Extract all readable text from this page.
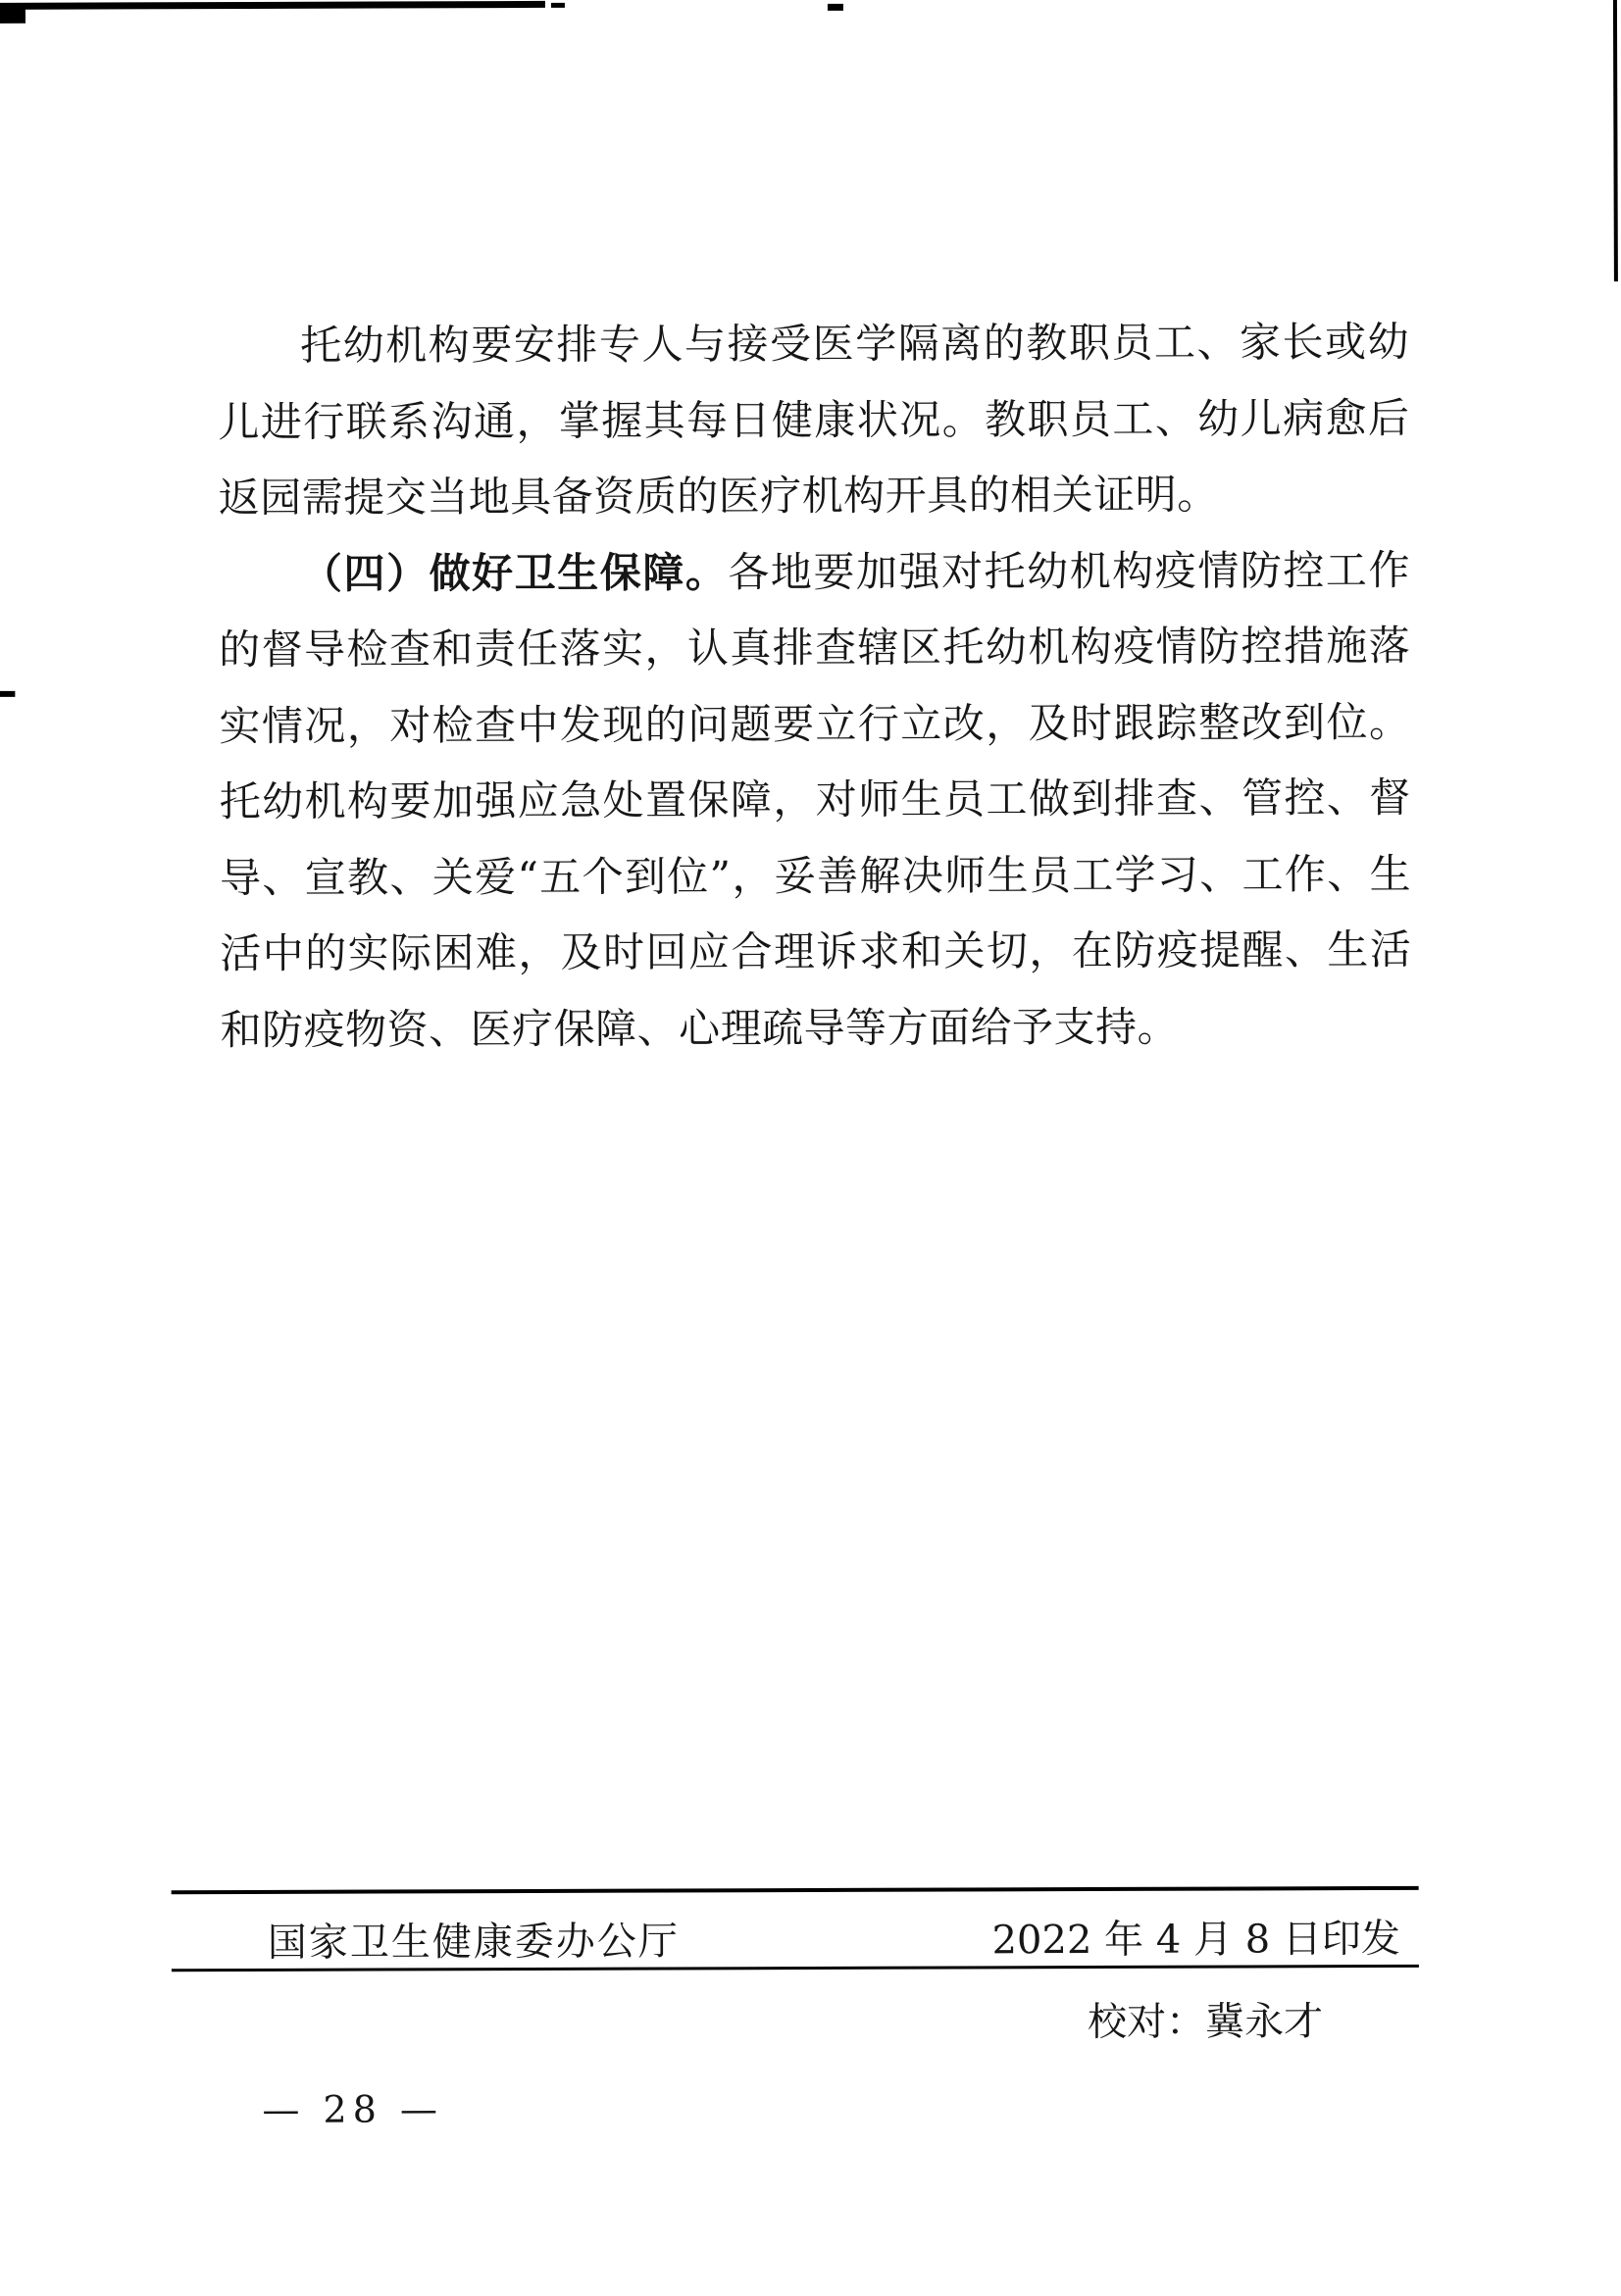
托幼机构要安排专人与接受医学隔离的教职员工、家长或幼儿进行联系沟通，掌握其每日健康状况。教职员工、幼儿病愈后返园需提交当地具备资质的医疗机构开具的相关证明。

（四）做好卫生保障。各地要加强对托幼机构疫情防控工作的督导检查和责任落实，认真排查辖区托幼机构疫情防控措施落实情况，对检查中发现的问题要立行立改，及时跟踪整改到位。托幼机构要加强应急处置保障，对师生员工做到排查、管控、督导、宣教、关爱“五个到位”，妥善解决师生员工学习、工作、生活中的实际困难，及时回应合理诉求和关切，在防疫提醒、生活和防疫物资、医疗保障、心理疏导等方面给予支持。

国家卫生健康委办公厅	2022 年 4 月 8 日印发
校对：冀永才
— 28 —
